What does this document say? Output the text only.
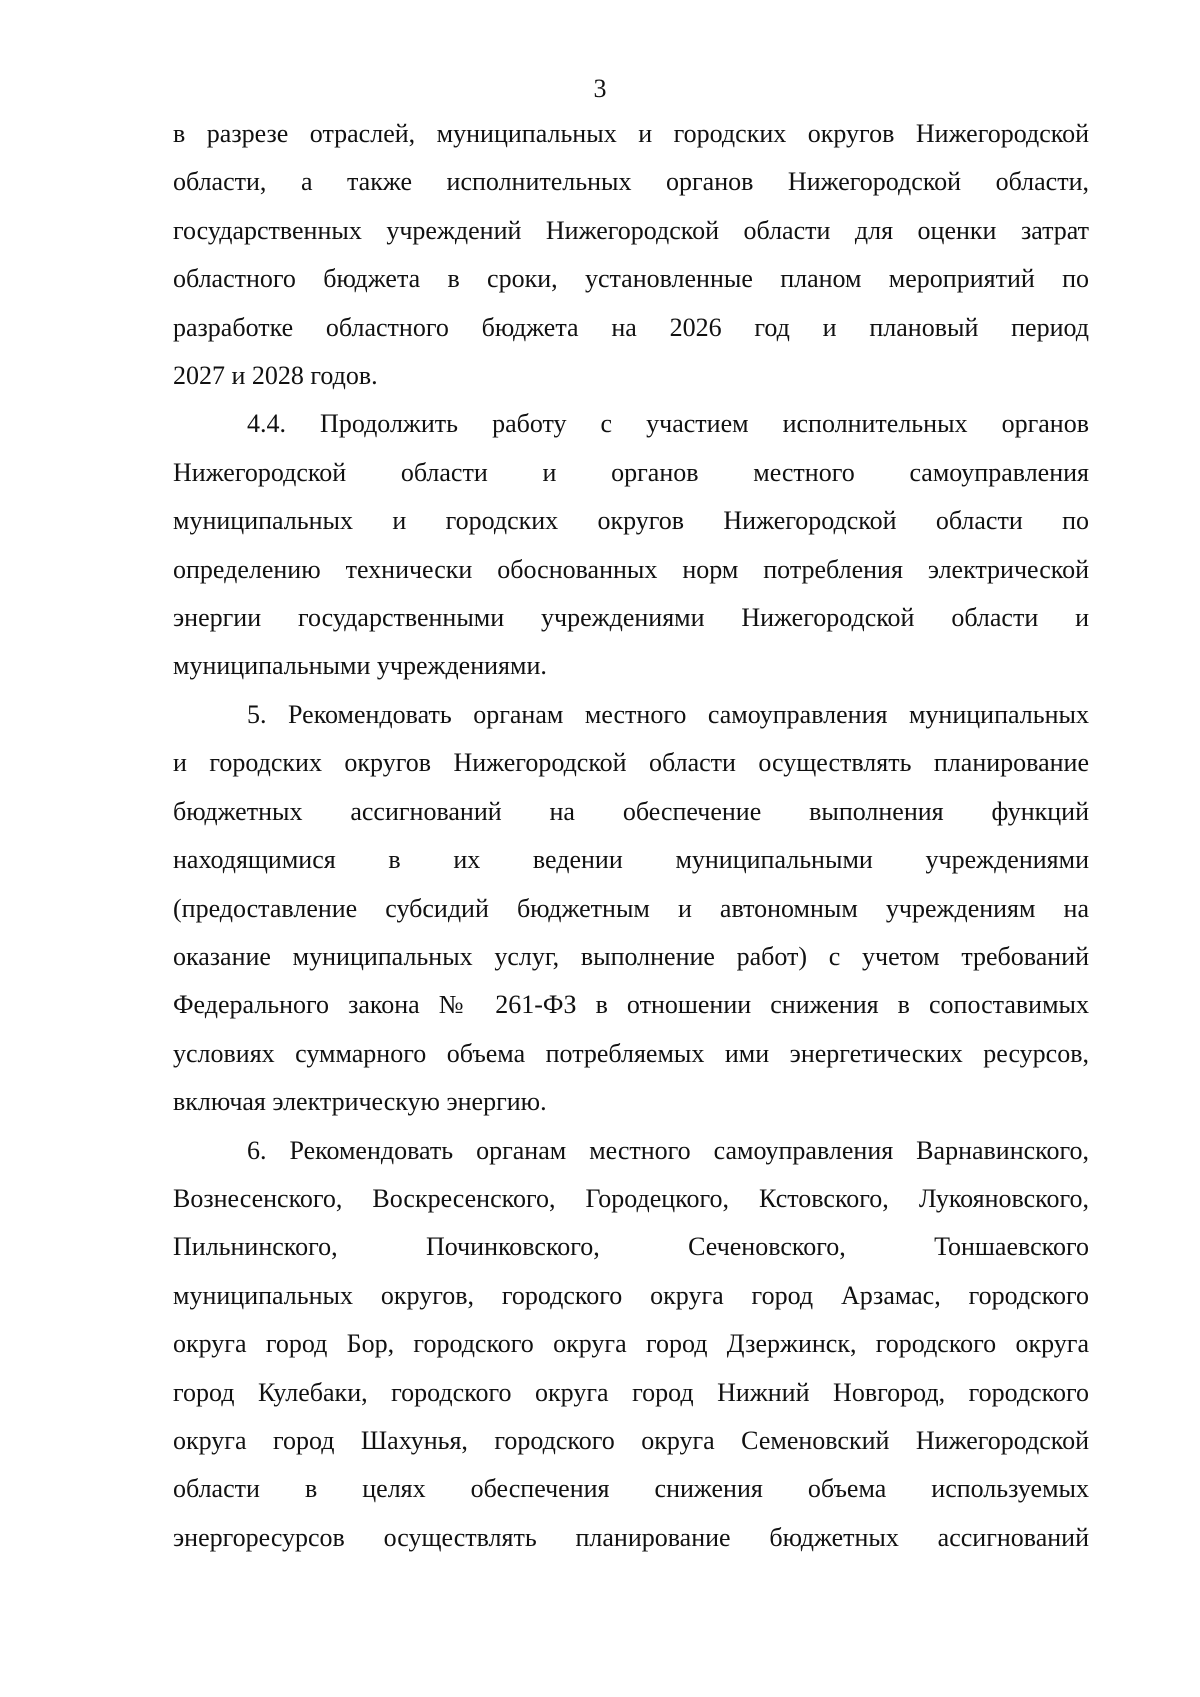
3

в разрезе отраслей, муниципальных и городских округов Нижегородской

области, а также исполнительных органов Нижегородской области,

государственных учреждений Нижегородской области для оценки затрат

областного бюджета в сроки, установленные планом мероприятий по

разработке областного бюджета на 2026 год и плановый период

2027 и 2028 годов.

4.4. Продолжить работу с участием исполнительных органов

Нижегородской области и органов местного самоуправления

муниципальных и городских округов Нижегородской области по

определению технически обоснованных норм потребления электрической

энергии государственными учреждениями Нижегородской области и

муниципальными учреждениями.

5. Рекомендовать органам местного самоуправления муниципальных

и городских округов Нижегородской области осуществлять планирование

бюджетных ассигнований на обеспечение выполнения функций

находящимися в их ведении муниципальными учреждениями

(предоставление субсидий бюджетным и автономным учреждениям на

оказание муниципальных услуг, выполнение работ) с учетом требований

Федерального закона № 261-ФЗ в отношении снижения в сопоставимых

условиях суммарного объема потребляемых ими энергетических ресурсов,

включая электрическую энергию.

6. Рекомендовать органам местного самоуправления Варнавинского,

Вознесенского, Воскресенского, Городецкого, Кстовского, Лукояновского,

Пильнинского, Починковского, Сеченовского, Тоншаевского

муниципальных округов, городского округа город Арзамас, городского

округа город Бор, городского округа город Дзержинск, городского округа

город Кулебаки, городского округа город Нижний Новгород, городского

округа город Шахунья, городского округа Семеновский Нижегородской

области в целях обеспечения снижения объема используемых

энергоресурсов осуществлять планирование бюджетных ассигнований
